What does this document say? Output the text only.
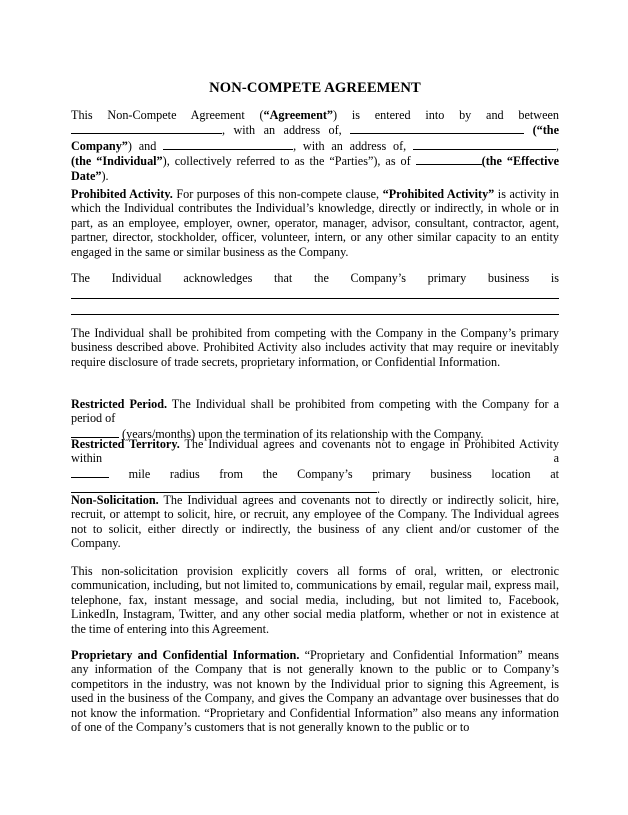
NON-COMPETE AGREEMENT
This Non-Compete Agreement (“Agreement”) is entered into by and between
, with an address of,	(“the
Company”) and	, with an address of,	,
(the “Individual”), collectively referred to as the “Parties”), as of	(the “Effective
Date”).

Prohibited Activity. For purposes of this non-compete clause, “Prohibited Activity” is activity in which the Individual contributes the Individual’s knowledge, directly or indirectly, in whole or in part, as an employee, employer, owner, operator, manager, advisor, consultant, contractor, agent, partner, director, stockholder, officer, volunteer, intern, or any other similar capacity to an entity engaged in the same or similar business as the Company.

The Individual acknowledges that the Company’s primary business is

The Individual shall be prohibited from competing with the Company in the Company’s primary business described above. Prohibited Activity also includes activity that may require or inevitably require disclosure of trade secrets, proprietary information, or Confidential Information.

Restricted Period. The Individual shall be prohibited from competing with the Company for a period of
(years/months) upon the termination of its relationship with the Company.
Restricted Territory. The Individual agrees and covenants not to engage in Prohibited Activity within a
mile radius from the Company’s primary business location at
.

Non-Solicitation. The Individual agrees and covenants not to directly or indirectly solicit, hire, recruit, or attempt to solicit, hire, or recruit, any employee of the Company. The Individual agrees not to solicit, either directly or indirectly, the business of any client and/or customer of the Company.

This non-solicitation provision explicitly covers all forms of oral, written, or electronic communication, including, but not limited to, communications by email, regular mail, express mail, telephone, fax, instant message, and social media, including, but not limited to, Facebook, LinkedIn, Instagram, Twitter, and any other social media platform, whether or not in existence at the time of entering into this Agreement.

Proprietary and Confidential Information. “Proprietary and Confidential Information” means any information of the Company that is not generally known to the public or to Company’s competitors in the industry, was not known by the Individual prior to signing this Agreement, is used in the business of the Company, and gives the Company an advantage over businesses that do not know the information. “Proprietary and Confidential Information” also means any information of one of the Company’s customers that is not generally known to the public or to
